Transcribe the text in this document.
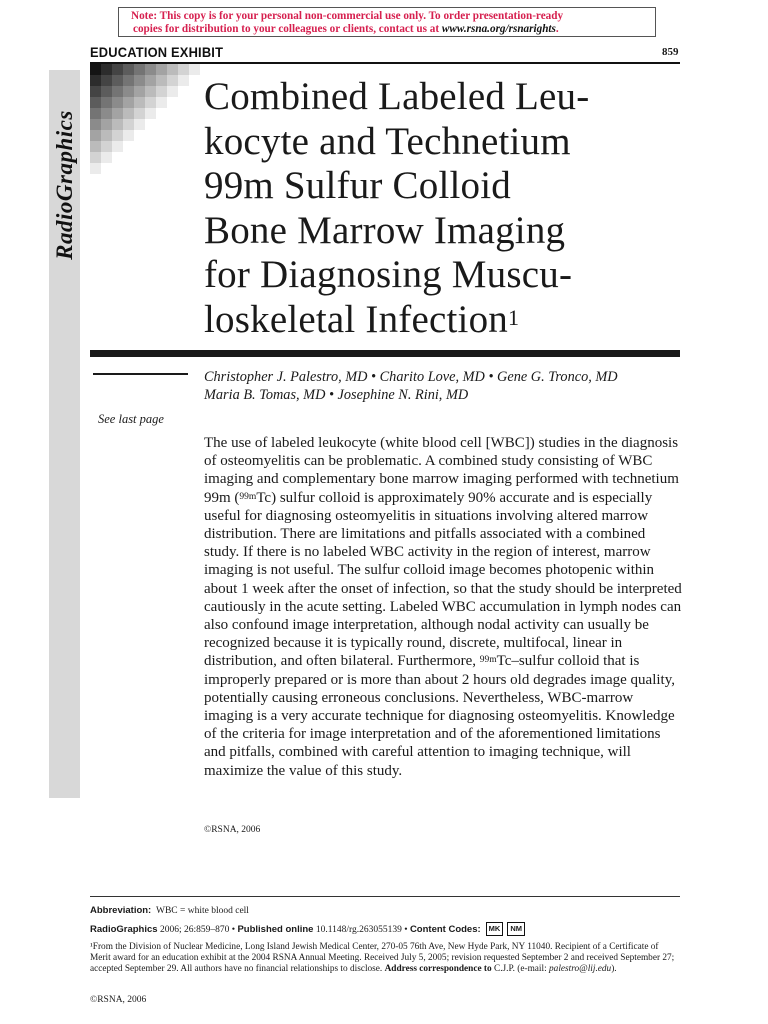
Note: This copy is for your personal non-commercial use only. To order presentation-ready
copies for distribution to your colleagues or clients, contact us at www.rsna.org/rsnarights.
EDUCATION EXHIBIT	859
RadioGraphics
Combined Labeled Leu-
kocyte and Technetium
99m Sulfur Colloid
Bone Marrow Imaging
for Diagnosing Muscu-
loskeletal Infection$^1$
Christopher J. Palestro, MD • Charito Love, MD • Gene G. Tronco, MD
Maria B. Tomas, MD • Josephine N. Rini, MD
See last page

The use of labeled leukocyte (white blood cell [WBC]) studies in the diagnosis of osteomyelitis can be problematic. A combined study consisting of WBC imaging and complementary bone marrow imaging performed with technetium 99m ($^{99m}$Tc) sulfur colloid is approximately 90% accurate and is especially useful for diagnosing osteomyelitis in situations involving altered marrow distribution. There are limitations and pitfalls associated with a combined study. If there is no labeled WBC activity in the region of interest, marrow imaging is not useful. The sulfur colloid image becomes photopenic within about 1 week after the onset of infection, so that the study should be interpreted cautiously in the acute setting. Labeled WBC accumulation in lymph nodes can also confound image interpretation, although nodal activity can usually be recognized because it is typically round, discrete, multifocal, linear in distribution, and often bilateral. Furthermore, $^{99m}$Tc–sulfur colloid that is improperly prepared or is more than about 2 hours old degrades image quality, potentially causing erroneous conclusions. Nevertheless, WBC-marrow imaging is a very accurate technique for diagnosing osteomyelitis. Knowledge of the criteria for image interpretation and of the aforementioned limitations and pitfalls, combined with careful attention to imaging technique, will maximize the value of this study.

©RSNA, 2006
Abbreviation: WBC = white blood cell
RadioGraphics 2006; 26:859–870 • Published online 10.1148/rg.263055139 • Content Codes:	MK	NM
¹From the Division of Nuclear Medicine, Long Island Jewish Medical Center, 270-05 76th Ave, New Hyde Park, NY 11040. Recipient of a Certificate of Merit award for an education exhibit at the 2004 RSNA Annual Meeting. Received July 5, 2005; revision requested September 2 and received September 27; accepted September 29. All authors have no financial relationships to disclose. Address correspondence to C.J.P. (e-mail: palestro@lij.edu).
©RSNA, 2006
